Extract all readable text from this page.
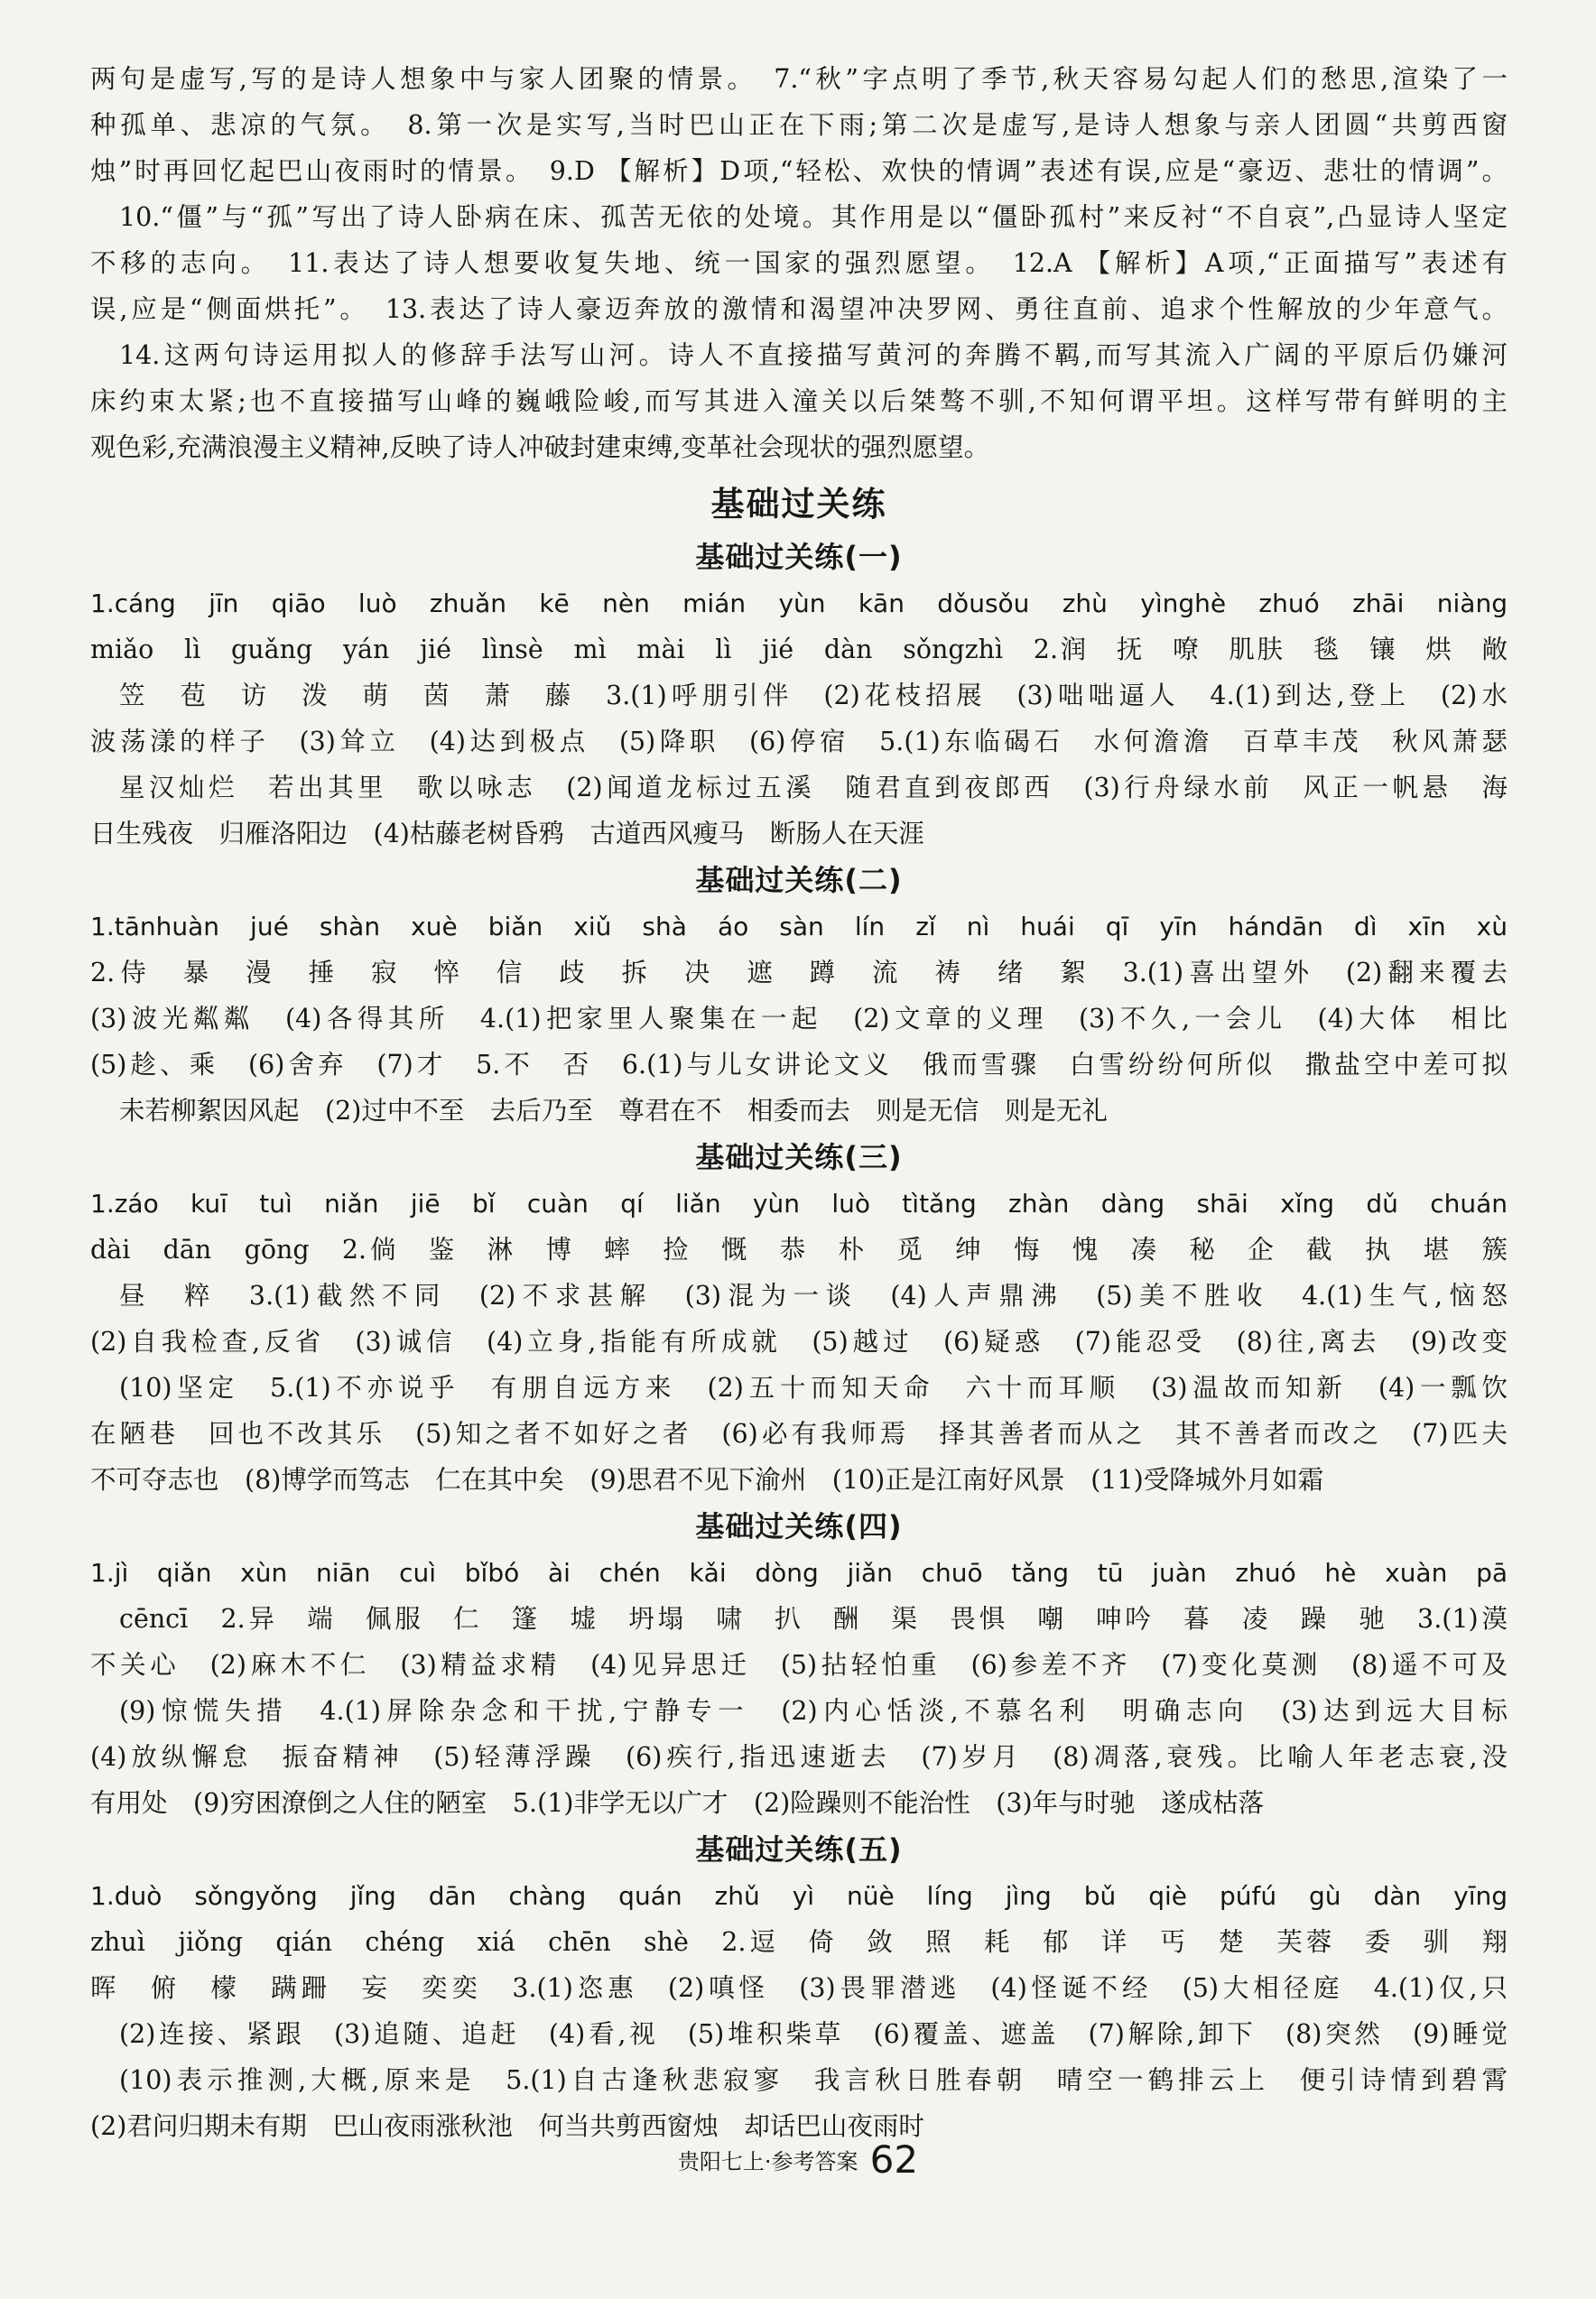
两句是虚写,写的是诗人想象中与家人团聚的情景。　7.“秋”字点明了季节,秋天容易勾起人们的愁思,渲染了一
种孤单、悲凉的气氛。　8.第一次是实写,当时巴山正在下雨;第二次是虚写,是诗人想象与亲人团圆“共剪西窗
烛”时再回忆起巴山夜雨时的情景。　9.D 【解析】D项,“轻松、欢快的情调”表述有误,应是“豪迈、悲壮的情调”。
10.“僵”与“孤”写出了诗人卧病在床、孤苦无依的处境。其作用是以“僵卧孤村”来反衬“不自哀”,凸显诗人坚定
不移的志向。　11.表达了诗人想要收复失地、统一国家的强烈愿望。　12.A 【解析】A项,“正面描写”表述有
误,应是“侧面烘托”。　13.表达了诗人豪迈奔放的激情和渴望冲决罗网、勇往直前、追求个性解放的少年意气。
14.这两句诗运用拟人的修辞手法写山河。诗人不直接描写黄河的奔腾不羁,而写其流入广阔的平原后仍嫌河
床约束太紧;也不直接描写山峰的巍峨险峻,而写其进入潼关以后桀骜不驯,不知何谓平坦。这样写带有鲜明的主
观色彩,充满浪漫主义精神,反映了诗人冲破封建束缚,变革社会现状的强烈愿望。
基础过关练
基础过关练(一)
1.cáng　jīn　qiāo　luò　zhuǎn　kē　nèn　mián　yùn　kān　dǒusǒu　zhù　yìnghè　zhuó　zhāi　niàng
miǎo　lì　guǎng　yán　jié　lìnsè　mì　mài　lì　jié　dàn　sǒngzhì　2.润　抚　嘹　肌肤　毯　镶　烘　敞
笠　苞　访　泼　萌　茵　萧　藤　3.(1)呼朋引伴　(2)花枝招展　(3)咄咄逼人　4.(1)到达,登上　(2)水
波荡漾的样子　(3)耸立　(4)达到极点　(5)降职　(6)停宿　5.(1)东临碣石　水何澹澹　百草丰茂　秋风萧瑟
星汉灿烂　若出其里　歌以咏志　(2)闻道龙标过五溪　随君直到夜郎西　(3)行舟绿水前　风正一帆悬　海
日生残夜　归雁洛阳边　(4)枯藤老树昏鸦　古道西风瘦马　断肠人在天涯
基础过关练(二)
1.tānhuàn　jué　shàn　xuè　biǎn　xiǔ　shà　áo　sàn　lín　zǐ　nì　huái　qī　yīn　hándān　dì　xīn　xù
2.侍　暴　漫　捶　寂　悴　信　歧　拆　决　遮　蹲　流　祷　绪　絮　3.(1)喜出望外　(2)翻来覆去
(3)波光粼粼　(4)各得其所　4.(1)把家里人聚集在一起　(2)文章的义理　(3)不久,一会儿　(4)大体　相比
(5)趁、乘　(6)舍弃　(7)才　5.不　否　6.(1)与儿女讲论文义　俄而雪骤　白雪纷纷何所似　撒盐空中差可拟
未若柳絮因风起　(2)过中不至　去后乃至　尊君在不　相委而去　则是无信　则是无礼
基础过关练(三)
1.záo　kuī　tuì　niǎn　jiē　bǐ　cuàn　qí　liǎn　yùn　luò　tìtǎng　zhàn　dàng　shāi　xǐng　dǔ　chuán
dài　dān　gōng　2.倘　鉴　淋　博　蟀　捡　慨　恭　朴　觅　绅　悔　愧　凑　秘　企　截　执　堪　簇
昼　粹　3.(1)截然不同　(2)不求甚解　(3)混为一谈　(4)人声鼎沸　(5)美不胜收　4.(1)生气,恼怒
(2)自我检查,反省　(3)诚信　(4)立身,指能有所成就　(5)越过　(6)疑惑　(7)能忍受　(8)往,离去　(9)改变
(10)坚定　5.(1)不亦说乎　有朋自远方来　(2)五十而知天命　六十而耳顺　(3)温故而知新　(4)一瓢饮
在陋巷　回也不改其乐　(5)知之者不如好之者　(6)必有我师焉　择其善者而从之　其不善者而改之　(7)匹夫
不可夺志也　(8)博学而笃志　仁在其中矣　(9)思君不见下渝州　(10)正是江南好风景　(11)受降城外月如霜
基础过关练(四)
1.jì　qiǎn　xùn　niān　cuì　bǐbó　ài　chén　kǎi　dòng　jiǎn　chuō　tǎng　tū　juàn　zhuó　hè　xuàn　pā
cēncī　2.异　端　佩服　仁　篷　墟　坍塌　啸　扒　酬　渠　畏惧　嘲　呻吟　暮　凌　躁　驰　3.(1)漠
不关心　(2)麻木不仁　(3)精益求精　(4)见异思迁　(5)拈轻怕重　(6)参差不齐　(7)变化莫测　(8)遥不可及
(9)惊慌失措　4.(1)屏除杂念和干扰,宁静专一　(2)内心恬淡,不慕名利　明确志向　(3)达到远大目标
(4)放纵懈怠　振奋精神　(5)轻薄浮躁　(6)疾行,指迅速逝去　(7)岁月　(8)凋落,衰残。比喻人年老志衰,没
有用处　(9)穷困潦倒之人住的陋室　5.(1)非学无以广才　(2)险躁则不能治性　(3)年与时驰　遂成枯落
基础过关练(五)
1.duò　sǒngyǒng　jǐng　dān　chàng　quán　zhǔ　yì　nüè　líng　jìng　bǔ　qiè　púfú　gù　dàn　yīng
zhuì　jiǒng　qián　chéng　xiá　chēn　shè　2.逗　倚　敛　照　耗　郁　详　丐　楚　芙蓉　委　驯　翔
晖　俯　檬　蹒跚　妄　奕奕　3.(1)恣惠　(2)嗔怪　(3)畏罪潜逃　(4)怪诞不经　(5)大相径庭　4.(1)仅,只
(2)连接、紧跟　(3)追随、追赶　(4)看,视　(5)堆积柴草　(6)覆盖、遮盖　(7)解除,卸下　(8)突然　(9)睡觉
(10)表示推测,大概,原来是　5.(1)自古逢秋悲寂寥　我言秋日胜春朝　晴空一鹤排云上　便引诗情到碧霄
(2)君问归期未有期　巴山夜雨涨秋池　何当共剪西窗烛　却话巴山夜雨时
贵阳七上·参考答案 62
